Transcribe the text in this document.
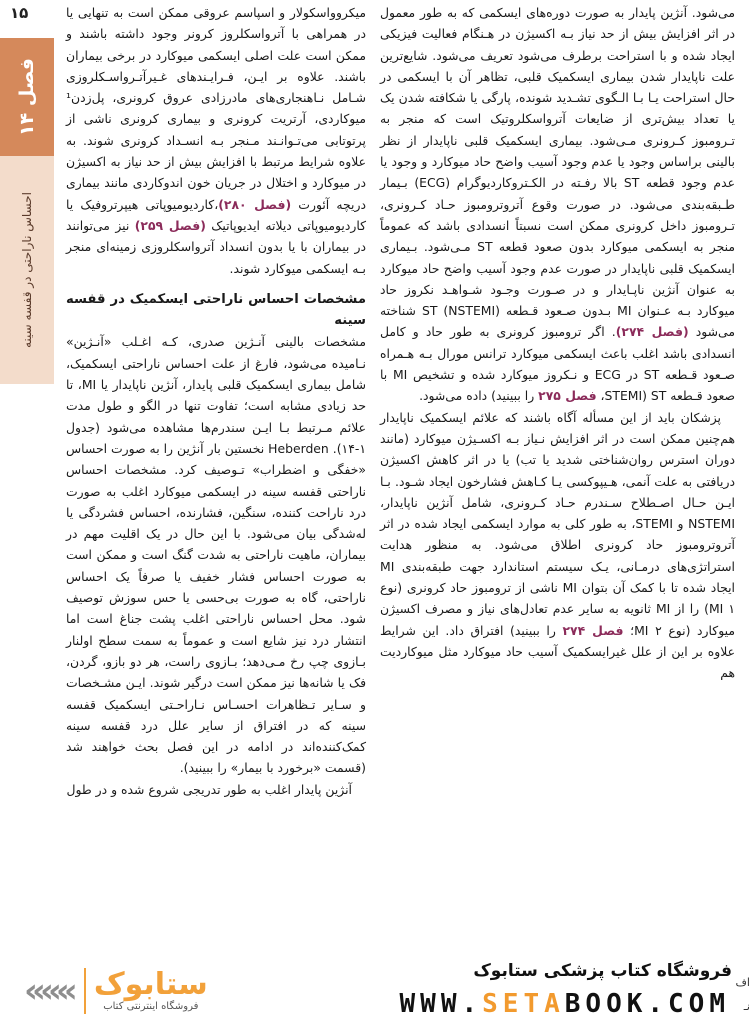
۱۵
فصل ۱۴
احساس ناراحتی در قفسه سینه

می‌شود. آنژین پایدار به صورت دوره‌های ایسکمی که به طور معمول در اثر افزایش بیش از حد نیاز بـه اکسیژن در هـنگام فعالیت فیزیکی ایجاد شده و با استراحت برطرف می‌شود تعریف می‌شود. شایع‌ترین علت ناپایدار شدن بیماری ایسکمیک قلبی، تظاهر آن با ایسکمی در حال استراحت یـا بـا الـگوی تشـدید شونده، پارگی یا شکافته شدن یک یا تعداد بیش‌تری از ضایعات آترواسکلروتیک است که منجر به تـرومبوز کـرونری مـی‌شود. بیماری ایسکمیک قلبی ناپایدار از نظر بالینی براساس وجود یا عدم وجود آسیب واضح حاد میوکارد و وجود یا عدم وجود قطعه ST بالا رفـته در الکـتروکاردیوگرام (ECG) بـیمار طـبقه‌بندی می‌شود. در صورت وقوع آترو‌ترومبوز حـاد کـرونری، تـرومبوز داخل کرونری ممکن است نسبتاً انسدادی باشد که عموماً منجر به ایسکمی میوکارد بدون صعود قطعه ST مـی‌شود. بـیماری ایسکمیک قلبی ناپایدار در صورت عدم وجود آسیب واضح حاد میوکارد به عنوان آنژین ناپـایدار و در صـورت وجـود شـواهـد نکروز حاد میوکارد بـه عـنوان MI بـدون صـعود قـطعه ST (NSTEMI) شناخته می‌شود (فصل ۲۷۴). اگر ترومبوز کرونری به طور حاد و کامل انسدادی باشد اغلب باعث ایسکمی میوکارد ترانس مورال بـه هـمراه صـعود قـطعه ST در ECG و نـکروز میوکارد شده و تشخیص MI با صعود قـطعه ST (STEMI، فصل ۲۷۵ را ببینید) داده می‌شود.

پزشکان باید از این مسأله آگاه باشند که علائم ایسکمیک ناپایدار هم‌چنین ممکن است در اثر افزایش نـیاز بـه اکسـیژن میوکارد (مانند دوران استرس روان‌شناختی شدید یا تب) یا در اثر کاهش اکسیژن دریافتی به علت آنمی، هـیپوکسی یـا کـاهش فشارخون ایجاد شـود. بـا ایـن حـال اصـطلاح سـندرم حـاد کـرونری، شامل آنژین ناپایدار، NSTEMI و STEMI، به طور کلی به موارد ایسکمی ایجاد شده در اثر آترو‌ترومبوز حاد کرونری اطلاق می‌شود. به منظور هدایت استراتژی‌های درمـانی، یـک سیستم استاندارد جهت طبقه‌بندی MI ایجاد شده تا با کمک آن بتوان MI ناشی از ترومبوز حاد کرونری (نوع ۱ MI) را از MI ثانویه به سایر عدم تعادل‌های نیاز و مصرف اکسیژن میوکارد (نوع ۲ MI؛ فصل ۲۷۴ را ببینید) افتراق داد. این شرایط علاوه بر این از علل غیرایسکمیک آسیب حاد میوکارد مثل میوکاردیت هم

میکروواسکولار و اسپاسم عروقی ممکن است به تنهایی یا در همراهی با آترواسکلروز کرونر وجود داشته باشند و ممکن است علت اصلی ایسکمی میوکارد در برخی بیماران باشند. علاوه بر ایـن، فـرایـندهای غـیرآتـرواسـکلروزی شـامل نـاهنجاری‌های مادرزادی عروق کرونری، پل‌زدن¹ میوکاردی، آرتریت کرونری و بیماری کرونری ناشی از پرتوتابی می‌تـوانـند مـنجر بـه انسـداد کرونری شوند. به علاوه شرایط مرتبط با افزایش بیش از حد نیاز به اکسیژن در میوکارد و اختلال در جریان خون اندوکاردی مانند بیماری دریچه آئورت (فصل ۲۸۰)،کاردیومیوپاتی هیپرتروفیک یا کاردیومیوپاتی دیلاته ایدیوپاتیک (فصل ۲۵۹) نیز می‌توانند در بیماران با یا بدون انسداد آترواسکلروزی زمینه‌ای منجر بـه ایسکمی میوکارد شوند.

مشخصات احساس ناراحتی ایسکمیک در قفسه سینه

مشخصات بالینی آنـژین صدری، کـه اغـلب «آنـژین» نـامیده می‌شود، فارغ از علت احساس ناراحتی ایسکمیک، شامل بیماری ایسکمیک قلبی پایدار، آنژین ناپایدار یا MI، تا حد زیادی مشابه است؛ تفاوت تنها در الگو و طول مدت علائم مـرتبط بـا ایـن سندرم‌ها مشاهده می‌شود (جدول ۱-۱۴). Heberden نخستین بار آنژین را به صورت احساس «خفگی و اضطراب» تـوصیف کرد. مشخصات احساس ناراحتی قفسه سینه در ایسکمی میوکارد اغلب به صورت درد ناراحت کننده، سنگین، فشارنده، احساس فشردگی یا له‌شدگی بیان می‌شود. با این حال در یک اقلیت مهم در بیماران، ماهیت ناراحتی به شدت گنگ است و ممکن است به صورت احساس فشار خفیف یا صرفاً یک احساس ناراحتی، گاه به صورت بی‌حسی یا حس سوزش توصیف شود. محل احساس ناراحتی اغلب پشت جناغ است اما انتشار درد نیز شایع است و عموماً به سمت سطح اولنار بـازوی چپ رخ مـی‌دهد؛ بـازوی راست، هر دو بازو، گردن، فک یا شانه‌ها نیز ممکن است درگیر شوند. ایـن مشـخصات و سـایر تـظاهرات احسـاس نـاراحـتی ایسکمیک قفسه سینه که در افتراق از سایر علل درد قفسه سینه کمک‌کننده‌اند در ادامه در این فصل بحث خواهند شد (قسمت «برخورد با بیمار» را ببینید).

آنژین پایدار اغلب به طور تدریجی شروع شده و در طول

««« ستابوک
فروشگاه اینترنتی کتاب
فروشگاه کتاب پزشکی ستابوک
WWW.SETABOOK.COM
اف
نـ
